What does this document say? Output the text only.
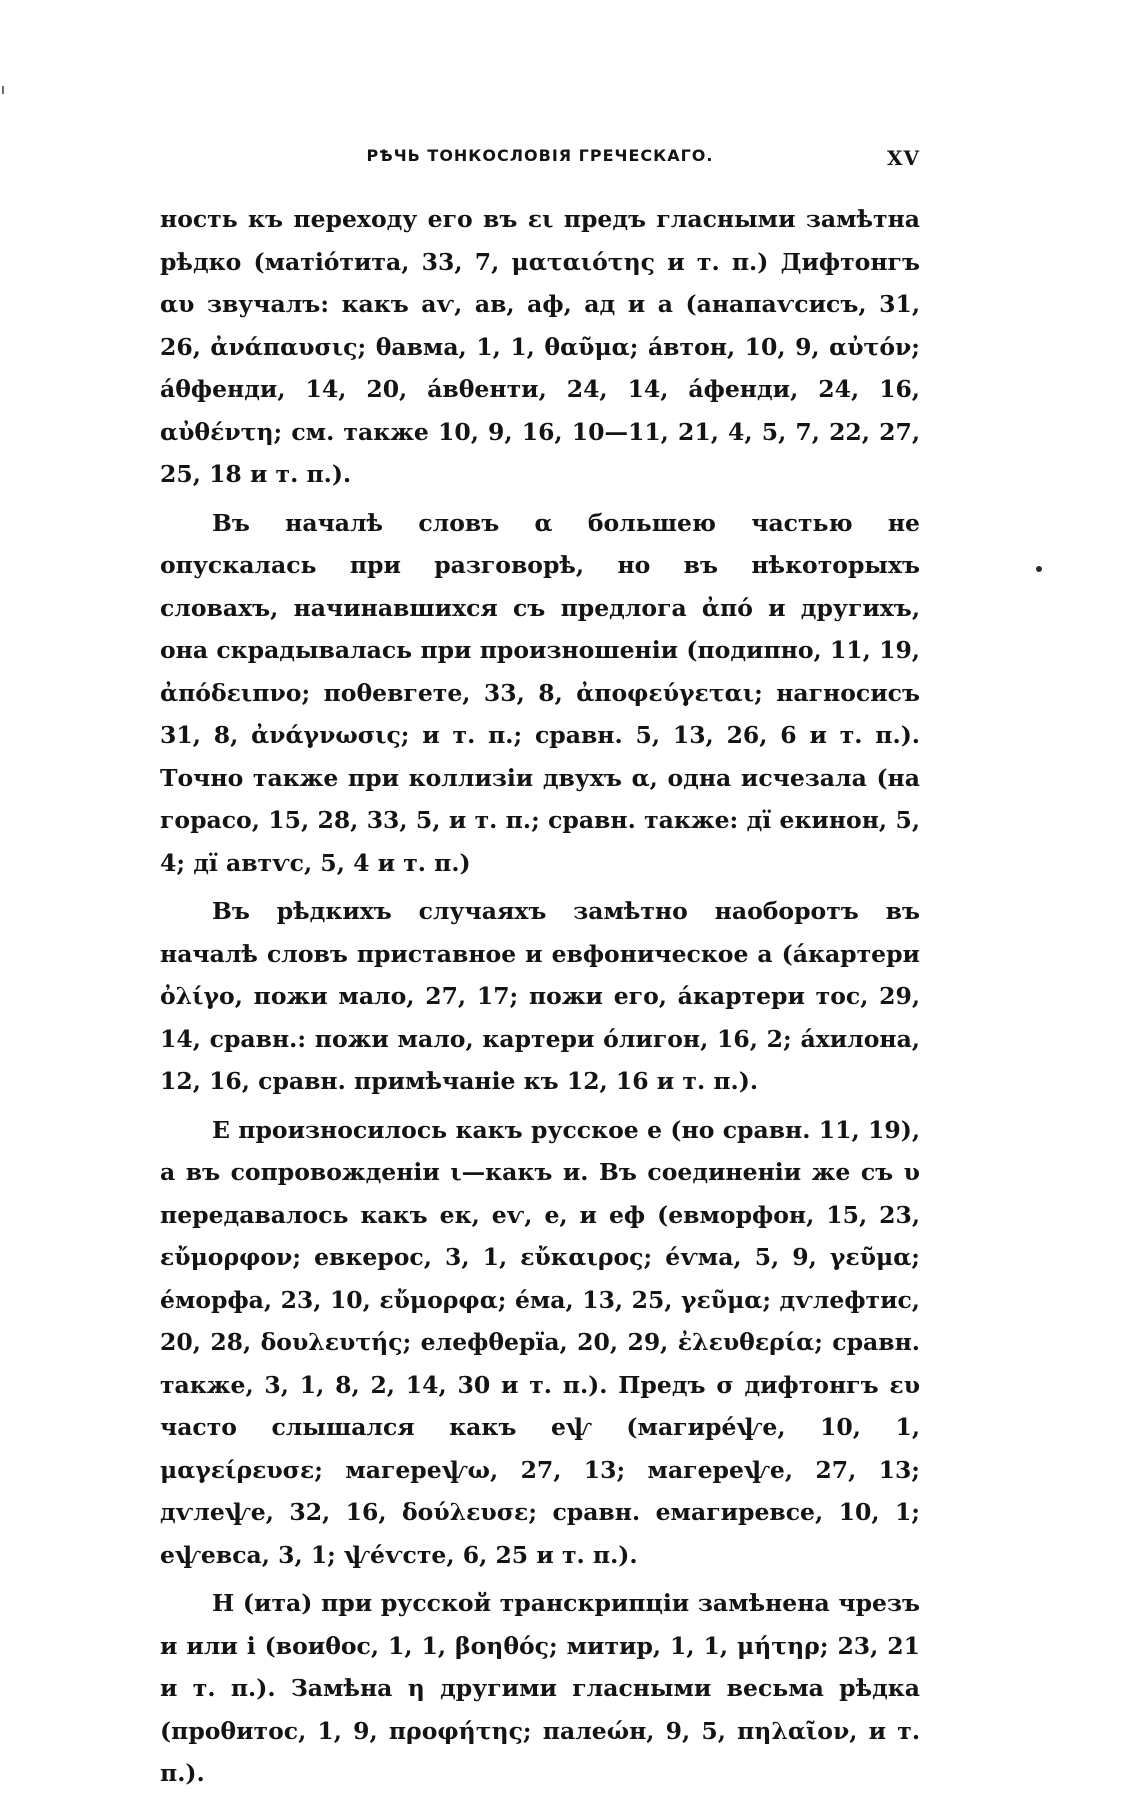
РѢЧЬ ТОНКОСЛОВІЯ ГРЕЧЕСКАГО.	XV

ность къ переходу его въ ει предъ гласными замѣтна рѣдко (матіóтита, 33, 7, ματαιότης и т. п.) Дифтонгъ αυ звучалъ: какъ аѵ, ав, аф, ад и а (анапаѵсисъ, 31, 26, ἀνάπαυσις; θавма, 1, 1, θαῦμα; áвтон, 10, 9, αὐτόν; áθфенди, 14, 20, áвθенти, 24, 14, áфенди, 24, 16, αὐθέντη; см. также 10, 9, 16, 10—11, 21, 4, 5, 7, 22, 27, 25, 18 и т. п.).

Въ началѣ словъ α большею частью не опускалась при разговорѣ, но въ нѣкоторыхъ словахъ, начинавшихся съ предлога ἀπό и другихъ, она скрадывалась при произношеніи (подипно, 11, 19, ἀπόδειπνο; поθевгете, 33, 8, ἀποφεύγεται; нагносисъ 31, 8, ἀνάγνωσις; и т. п.; сравн. 5, 13, 26, 6 и т. п.). Точно также при коллизіи двухъ α, одна исчезала (на горасо, 15, 28, 33, 5, и т. п.; сравн. также: дї екинон, 5, 4; дї автѵс, 5, 4 и т. п.)

Въ рѣдкихъ случаяхъ замѣтно наоборотъ въ началѣ словъ приставное и евфоническое а (áкартери ὀλίγο, пожи мало, 27, 17; пожи его, áкартери тоc, 29, 14, сравн.: пожи мало, картери óлигон, 16, 2; áхилона, 12, 16, сравн. примѣчаніе къ 12, 16 и т. п.).

Е произносилось какъ русское е (но сравн. 11, 19), а въ сопровожденіи ι—какъ и. Въ соединеніи же съ υ передавалось какъ ек, еѵ, е, и еф (евморфон, 15, 23, εὔμορφον; евкерос, 3, 1, εὔκαιρος; éѵма, 5, 9, γεῦμα; éморфа, 23, 10, εὔμορφα; éма, 13, 25, γεῦμα; дѵлефтис, 20, 28, δουλευτής; елефθерïа, 20, 29, ἐλευθερία; сравн. также, 3, 1, 8, 2, 14, 30 и т. п.). Предъ σ дифтонгъ ευ часто слышался какъ еѱ (магирéѱе, 10, 1, μαγείρευσε; магереѱω, 27, 13; магереѱе, 27, 13; дѵлеѱе, 32, 16, δούλευσε; сравн. емагиревсе, 10, 1; еѱевса, 3, 1; ѱéѵсте, 6, 25 и т. п.).

Н (ита) при русской транскрипціи замѣнена чрезъ и или і (воиθос, 1, 1, βοηθός; митир, 1, 1, μήτηρ; 23, 21 и т. п.). Замѣна η другими гласными весьма рѣдка (проθитос, 1, 9, προφήτης; палеώн, 9, 5, πηλαῖον, и т. п.).
